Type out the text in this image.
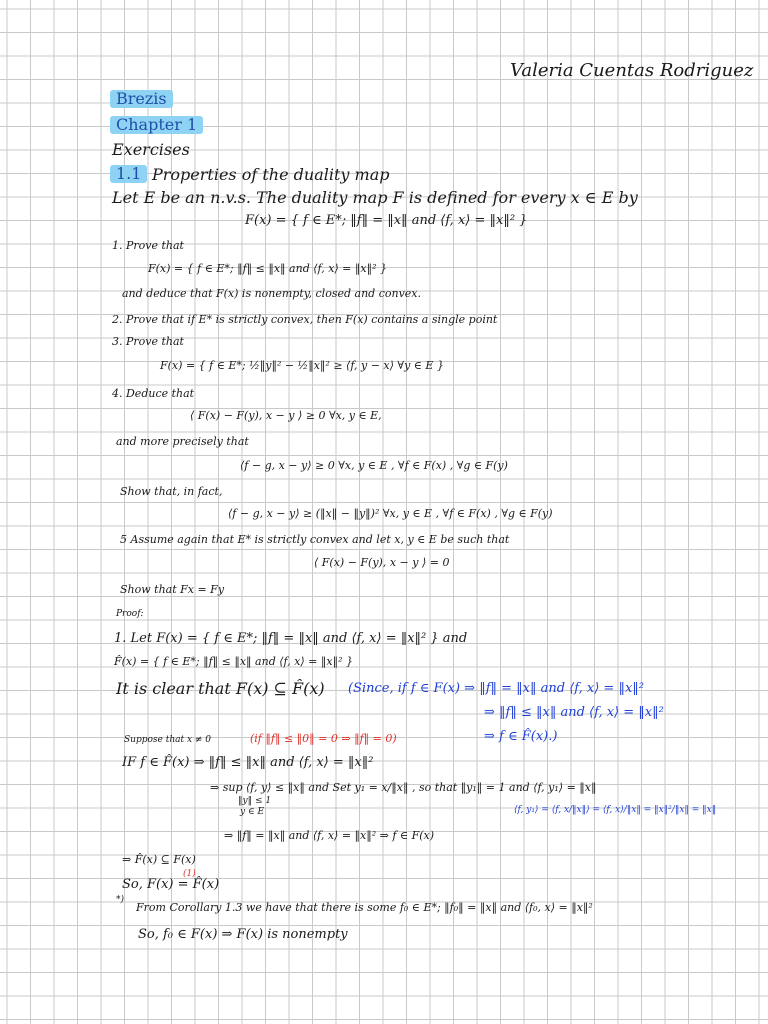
Valeria Cuentas Rodriguez
Brezis
Chapter 1
Exercises
1.1 Properties of the duality map
Let E be an n.v.s. The duality map F is defined for every x ∈ E by
F(x) = { f ∈ E*; ‖f‖ = ‖x‖ and ⟨f, x⟩ = ‖x‖² }
1. Prove that
F(x) = { f ∈ E*; ‖f‖ ≤ ‖x‖ and ⟨f, x⟩ = ‖x‖² }
and deduce that F(x) is nonempty, closed and convex.
2. Prove that if E* is strictly convex, then F(x) contains a single point
3. Prove that
F(x) = { f ∈ E*; ½‖y‖² − ½‖x‖² ≥ ⟨f, y − x⟩ ∀y ∈ E }
4. Deduce that
⟨ F(x) − F(y), x − y ⟩ ≥ 0 ∀x, y ∈ E,
and more precisely that
⟨f − g, x − y⟩ ≥ 0 ∀x, y ∈ E , ∀f ∈ F(x) , ∀g ∈ F(y)
Show that, in fact,
⟨f − g, x − y⟩ ≥ (‖x‖ − ‖y‖)² ∀x, y ∈ E , ∀f ∈ F(x) , ∀g ∈ F(y)
5 Assume again that E* is strictly convex and let x, y ∈ E be such that
⟨ F(x) − F(y), x − y ⟩ = 0
Show that Fx = Fy
Proof:
1. Let F(x) = { f ∈ E*; ‖f‖ = ‖x‖ and ⟨f, x⟩ = ‖x‖² } and
F̂(x) = { f ∈ E*; ‖f‖ ≤ ‖x‖ and ⟨f, x⟩ = ‖x‖² }
It is clear that F(x) ⊆ F̂(x) (Since, if f ∈ F(x) ⇒ ‖f‖ = ‖x‖ and ⟨f, x⟩ = ‖x‖²
⇒ ‖f‖ ≤ ‖x‖ and ⟨f, x⟩ = ‖x‖²
⇒ f ∈ F̂(x).)
Suppose that x ≠ 0	(if ‖f‖ ≤ ‖0‖ = 0 ⇒ ‖f‖ = 0)
IF f ∈ F̂(x) ⇒ ‖f‖ ≤ ‖x‖ and ⟨f, x⟩ = ‖x‖²
⇒ sup ⟨f, y⟩ ≤ ‖x‖ and Set y₁ = x/‖x‖ , so that ‖y₁‖ = 1 and ⟨f, y₁⟩ = ‖x‖
‖y‖ ≤ 1
y ∈ E	⟨f, y₁⟩ = ⟨f, x/‖x‖⟩ = ⟨f, x⟩/‖x‖ = ‖x‖²/‖x‖ = ‖x‖
⇒ ‖f‖ = ‖x‖ and ⟨f, x⟩ = ‖x‖² ⇒ f ∈ F(x)
⇒ F̂(x) ⊆ F(x)
So, F(x) = F̂(x)
(1)
*)
From Corollary 1.3 we have that there is some f₀ ∈ E*; ‖f₀‖ = ‖x‖ and ⟨f₀, x⟩ = ‖x‖²
So, f₀ ∈ F(x) ⇒ F(x) is nonempty
